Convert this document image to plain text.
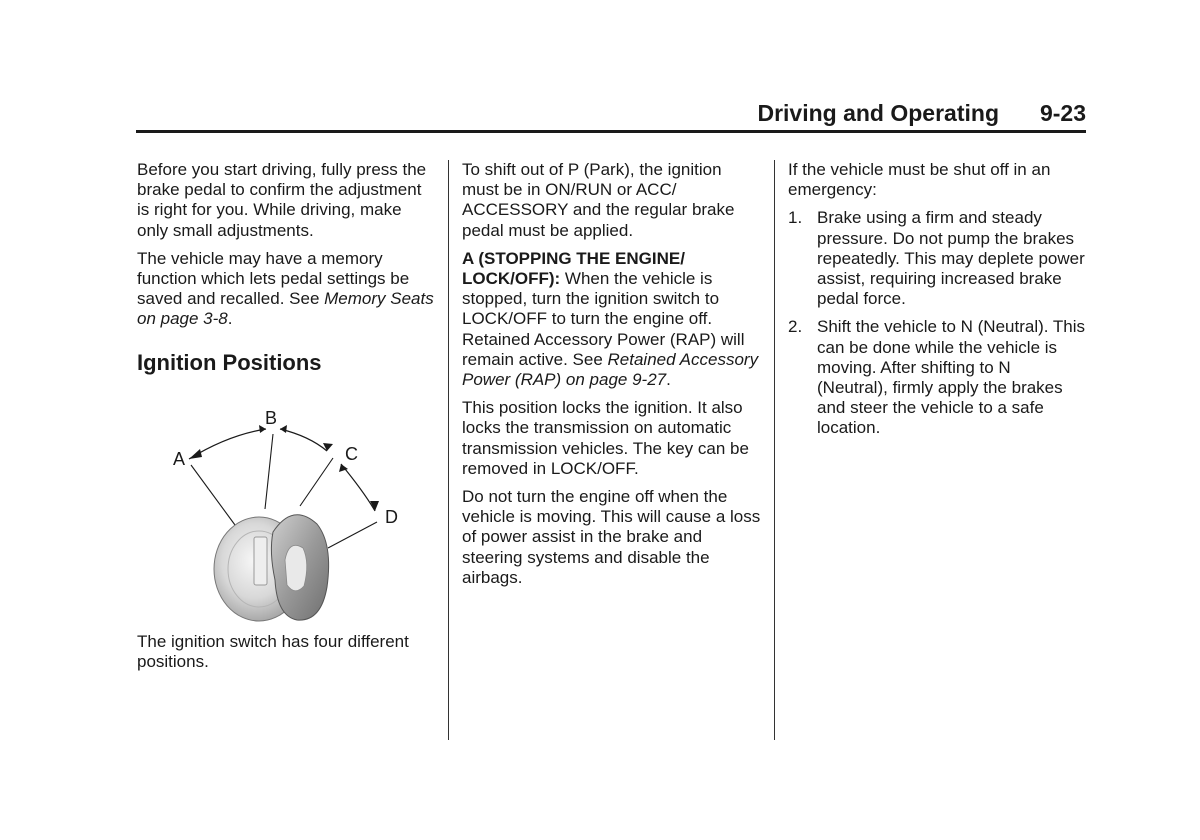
Driving and Operating 9-23

Before you start driving, fully press the brake pedal to confirm the adjustment is right for you. While driving, make only small adjustments.

The vehicle may have a memory function which lets pedal settings be saved and recalled. See Memory Seats on page 3-8.

Ignition Positions
A
B
C
D

The ignition switch has four different positions.

To shift out of P (Park), the ignition must be in ON/RUN or ACC/ ACCESSORY and the regular brake pedal must be applied.

A (STOPPING THE ENGINE/ LOCK/OFF): When the vehicle is stopped, turn the ignition switch to LOCK/OFF to turn the engine off. Retained Accessory Power (RAP) will remain active. See Retained Accessory Power (RAP) on page 9-27.

This position locks the ignition. It also locks the transmission on automatic transmission vehicles. The key can be removed in LOCK/OFF.

Do not turn the engine off when the vehicle is moving. This will cause a loss of power assist in the brake and steering systems and disable the airbags.

If the vehicle must be shut off in an emergency:

1. Brake using a firm and steady pressure. Do not pump the brakes repeatedly. This may deplete power assist, requiring increased brake pedal force.
2. Shift the vehicle to N (Neutral). This can be done while the vehicle is moving. After shifting to N (Neutral), firmly apply the brakes and steer the vehicle to a safe location.
